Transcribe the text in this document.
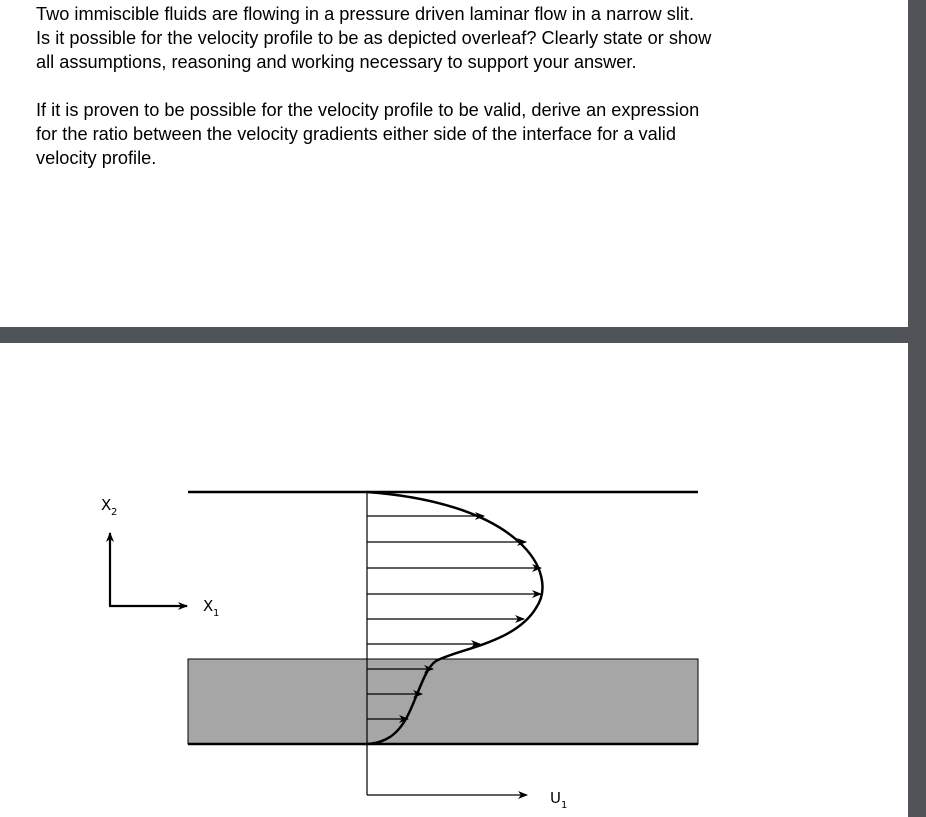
Two immiscible fluids are flowing in a pressure driven laminar flow in a narrow slit.
Is it possible for the velocity profile to be as depicted overleaf? Clearly state or show
all assumptions, reasoning and working necessary to support your answer.

If it is proven to be possible for the velocity profile to be valid, derive an expression
for the ratio between the velocity gradients either side of the interface for a valid
velocity profile.

X 2
X 1
U 1
